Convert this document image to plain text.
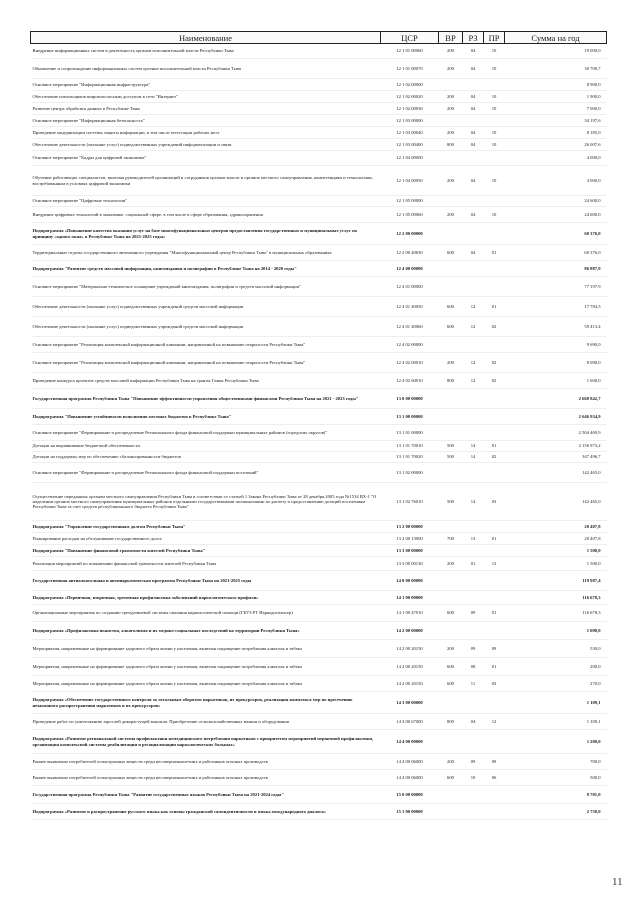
Наименование	ЦСР	ВР	РЗ	ПР	Сумма на год
Внедрение информационных систем в деятельность органов исполнительной власти Республики Тыва	12 1 01 00060	200	04	10	19 000,0
Обновление и сопровождение информационных систем органов исполнительной власти Республики Тыва	12 1 01 00070	200	04	10	30 700,7
Основное мероприятие "Информационная инфраструктура"	12 1 02 00000				8 900,0
Обеспечение помольщиков широкополосным доступом в сети "Интернет"	12 1 02 00020	200	04	10	1 900,0
Развитие центра обработки данных в Республике Тыва	12 1 02 00030	200	04	10	7 000,0
Основное мероприятие "Информационная безопасность"	12 1 03 00000				34 197,6
Проведение модернизации системы защиты информации, в том числе аттестации рабочих мест	12 1 03 00040	200	04	10	8 185,0
Обеспечение деятельности (оказание услуг) подведомственных учреждений информатизации и связи	12 1 03 00400	800	04	10	26 007,6
Основное мероприятие "Кадры для цифровой экономики"	12 1 04 00000				4 000,0
Обучение работающих специалистов, включая руководителей организаций и сотрудников органов власти и органов местного самоуправления, компетенциям и технологиям, востребованным в условиях цифровой экономики	12 1 04 00050	200	04	10	4 000,0
Основное мероприятие "Цифровые технологии"	12 1 05 00000				24 600,0
Внедрение цифровых технологий в экономике, социальной сфере, в том числе в сфере образования, здравоохранения	12 1 05 00060	200	04	10	24 600,0
Подпрограмма «Повышение качества оказания услуг на базе многофункциональных центров предоставления государственных и муниципальных услуг по принципу «одного окна» в Республике Тыва на 2021-2025 годы»	12 2 00 00000				60 376,0
Территориальные отделы государственного автономного учреждения "Многофункциональный центр Республики Тыва" в муниципальных образованиях	12 2 00 40630	600	04	01	60 376,0
Подпрограмма "Развитие средств массовой информации, книгоиздания и полиграфии в Республике Тыва на 2014 - 2020 годы"	12 4 00 00000				86 887,9
Основное мероприятие "Материально-техническое оснащение учреждений книгоиздания, полиграфии и средств массовой информации"	12 4 01 00000				77 197,9
Обеспечение деятельности (оказание услуг) подведомственных учреждений средств массовой информации	12 4 01 40050	600	12	01	17 784,5
Обеспечение деятельности (оказание услуг) подведомственных учреждений средств массовой информации	12 4 01 40060	600	12	02	59 413,4
Основное мероприятие "Реализация комплексной информационной кампании, направленной на повышение открытости Республики Тыва"	12 4 02 00000				9 690,0
Основное мероприятие "Реализация комплексной информационной кампании, направленной на повышение открытости Республики Тыва"	12 4 02 00010	200	12	02	8 090,0
Проведение конкурса проектов средств массовой информации Республики Тыва на гранты Главы Республики Тыва	12 4 02 60010	800	12	02	1 600,0
Государственная программа Республики Тыва "Повышение эффективности управления общественными финансами Республики Тыва на 2021 - 2023 годы"	13 0 00 00000				2 668 842,7
Подпрограмма "Повышение устойчивости исполнения местных бюджетов в Республике Тыва"	13 1 00 00000				2 646 934,9
Основное мероприятие "Формирование и распределение Регионального фонда финансовой поддержки муниципальных районов (городских округов)"	13 1 01 00000				2 504 469,9
Дотации на выравнивание бюджетной обеспеченности	13 1 01 70010	500	14	01	2 156 973,2
Дотации на поддержку мер по обеспечению сбалансированности бюджетов	13 1 01 70020	500	14	02	347 496,7
Основное мероприятие "Формирование и распределение Регионального фонда финансовой поддержки поселений"	13 1 02 00000				142 465,0
Осуществление переданных органам местного самоуправления Республики Тыва в соответствии со статьей 1 Закона Республики Тыва от 28 декабря 2005 года №1534 ВХ-1 "О наделении органов местного самоуправления муниципальных районов отдельными государственными полномочиями по расчету и предоставлению дотаций поселениям Республики Тыва за счет средств республиканского бюджета Республики Тыва"	13 1 02 76010	500	14	03	142 465,0
Подпрограмма "Управление государственным долгом Республики Тыва"	13 2 00 00000				20 407,8
Планирование расходов на обслуживание государственного долга	13 2 00 13000	700	13	01	20 407,8
Подпрограмма "Повышение финансовой грамотности жителей Республики Тыва"	13 3 00 00000				1 500,0
Реализация мероприятий по повышению финансовой грамотности жителей Республики Тыва	13 3 00 00130	200	01	13	1 500,0
Государственная антиалкогольная и антинаркотическая программа Республики Тыва на 2021-2025 годы	14 0 00 00000				119 987,4
Подпрограмма «Первичная, вторичная, третичная профилактика заболеваний наркологического профиля»	14 1 00 00000				116 678,3
Организационные мероприятия по созданию трехуровневой системы оказания наркологической помощи (ГБУЗ РТ Наркодиспансер)	14 1 00 47010	600	09	01	116 678,3
Подпрограмма «Профилактика пьянства, алкоголизма и их медико-социальных последствий на территории Республики Тыва»	14 2 00 00000				1 000,0
Мероприятия, направленные на формирование здорового образа жизни у населения, включая сокращение потребления алкоголя и табака	14 2 00 20150	200	09	09	530,0
Мероприятия, направленные на формирование здорового образа жизни у населения, включая сокращение потребления алкоголя и табака	14 2 00 20150	600	08	01	200,0
Мероприятия, направленные на формирование здорового образа жизни у населения, включая сокращение потребления алкоголя и табака	14 2 00 20150	600	11	03	270,0
Подпрограмма «Обеспечение государственного контроля за легальным оборотом наркотиков, их прекурсоров, реализация комплекса мер по пресечению незаконного распространения наркотиков и их прекурсоров»	14 3 00 00000				1 109,1
Проведение работ по уничтожению зарослей дикорастущей конопли. Приобретение сельскохозяйственных машин и оборудования	14 3 00 67000	800	04	12	1 109,1
Подпрограмма «Развитие региональной системы профилактики немедицинского потребления наркотиков с приоритетом мероприятий первичной профилактики, организация комплексной системы реабилитации и ресоциализации наркологических больных»	14 4 00 00000				1 200,0
Раннее выявление потребителей психотропных веществ среди несовершеннолетних и работников опасных производств	14 4 00 06000	200	09	09	700,0
Раннее выявление потребителей психотропных веществ среди несовершеннолетних и работников опасных производств	14 4 00 06000	600	10	06	500,0
Государственная программа Республики Тыва "Развитие государственных языков Республики Тыва на 2021-2024 годы"	15 0 00 00000				9 701,0
Подпрограмма «Развитие и распространение русского языка как основы гражданской самоидентичности и языка международного диалога»	15 1 00 00000				2 750,0
11
